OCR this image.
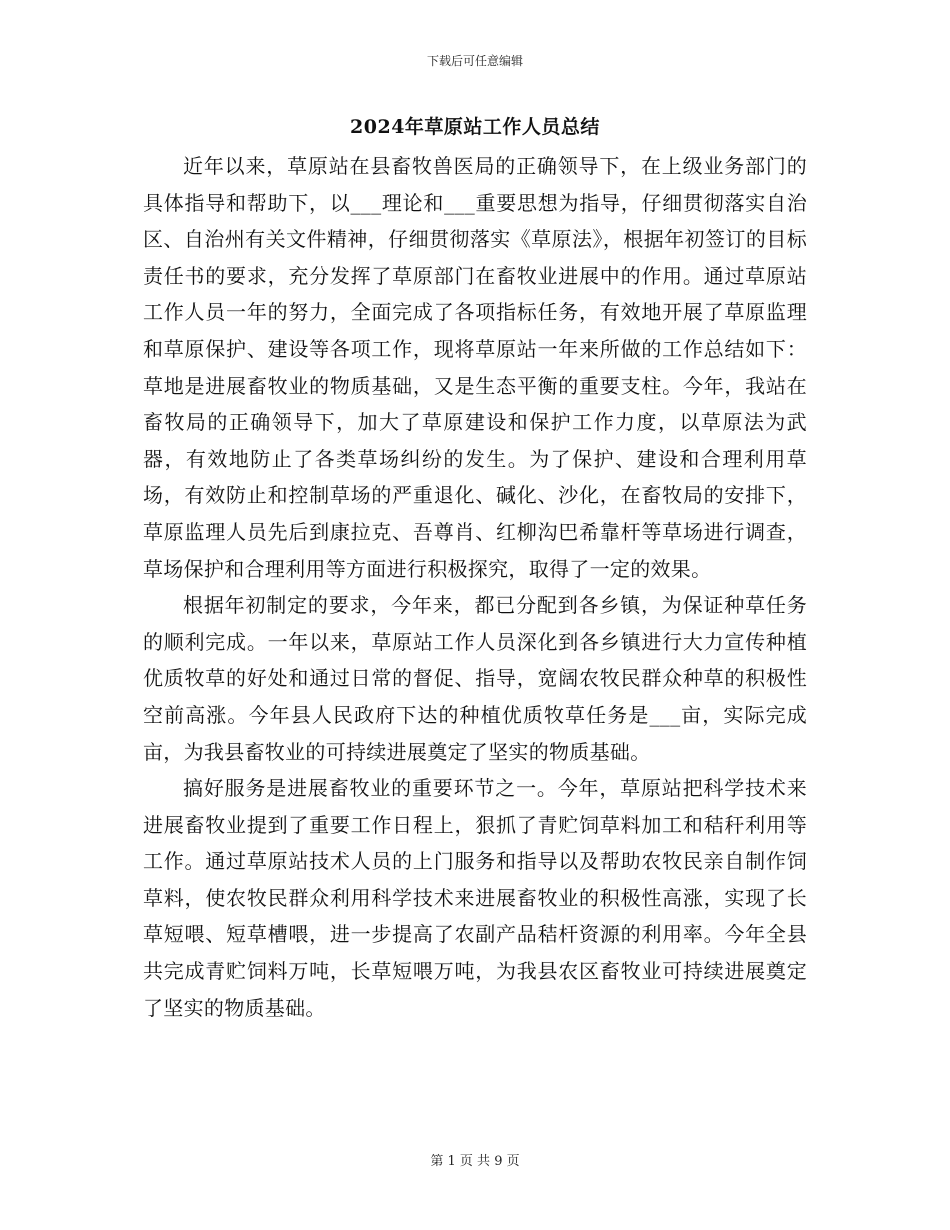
下载后可任意编辑
2024年草原站工作人员总结

近年以来，草原站在县畜牧兽医局的正确领导下，在上级业务部门的具体指导和帮助下，以___理论和___重要思想为指导，仔细贯彻落实自治区、自治州有关文件精神，仔细贯彻落实《草原法》，根据年初签订的目标责任书的要求，充分发挥了草原部门在畜牧业进展中的作用。通过草原站工作人员一年的努力，全面完成了各项指标任务，有效地开展了草原监理和草原保护、建设等各项工作，现将草原站一年来所做的工作总结如下：草地是进展畜牧业的物质基础，又是生态平衡的重要支柱。今年，我站在畜牧局的正确领导下，加大了草原建设和保护工作力度，以草原法为武器，有效地防止了各类草场纠纷的发生。为了保护、建设和合理利用草场，有效防止和控制草场的严重退化、碱化、沙化，在畜牧局的安排下，草原监理人员先后到康拉克、吾尊肖、红柳沟巴希靠杆等草场进行调查，草场保护和合理利用等方面进行积极探究，取得了一定的效果。

根据年初制定的要求，今年来，都已分配到各乡镇，为保证种草任务的顺利完成。一年以来，草原站工作人员深化到各乡镇进行大力宣传种植优质牧草的好处和通过日常的督促、指导，宽阔农牧民群众种草的积极性空前高涨。今年县人民政府下达的种植优质牧草任务是___亩，实际完成亩，为我县畜牧业的可持续进展奠定了坚实的物质基础。

搞好服务是进展畜牧业的重要环节之一。今年，草原站把科学技术来进展畜牧业提到了重要工作日程上，狠抓了青贮饲草料加工和秸秆利用等工作。通过草原站技术人员的上门服务和指导以及帮助农牧民亲自制作饲草料，使农牧民群众利用科学技术来进展畜牧业的积极性高涨，实现了长草短喂、短草槽喂，进一步提高了农副产品秸杆资源的利用率。今年全县共完成青贮饲料万吨，长草短喂万吨，为我县农区畜牧业可持续进展奠定了坚实的物质基础。

第 1 页 共 9 页
